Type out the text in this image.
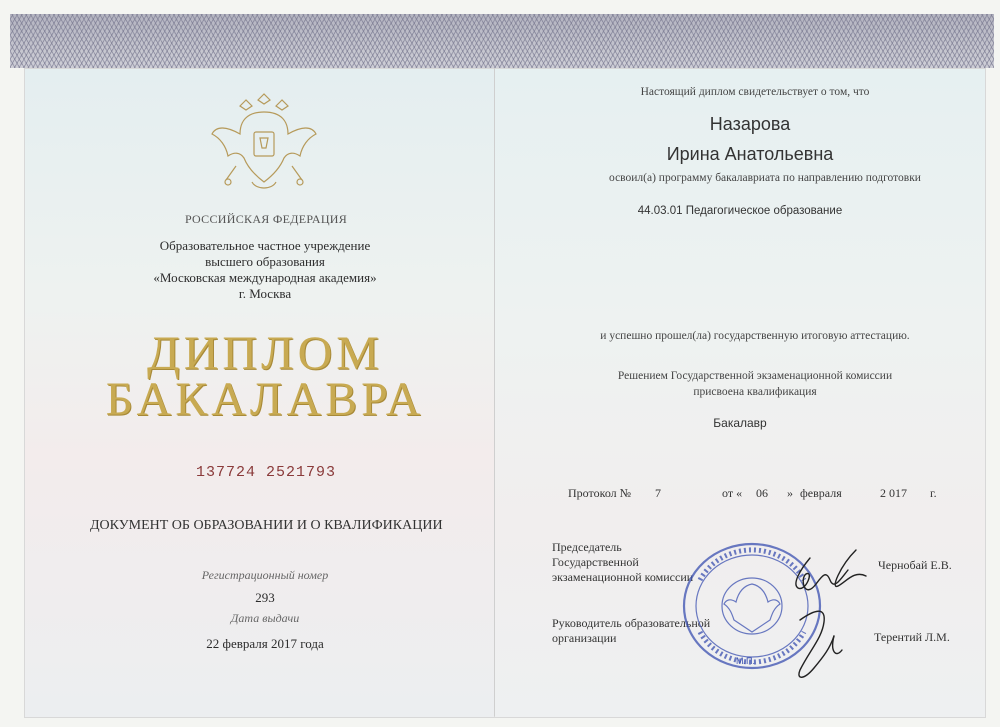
РОССИЙСКАЯ ФЕДЕРАЦИЯ
Образовательное частное учреждение
высшего образования
«Московская международная академия»
г. Москва
ДИПЛОМ
БАКАЛАВРА
137724 2521793
ДОКУМЕНТ ОБ ОБРАЗОВАНИИ И О КВАЛИФИКАЦИИ
Регистрационный номер
293
Дата выдачи
22 февраля 2017 года
Настоящий диплом свидетельствует о том, что
Назарова
Ирина Анатольевна
освоил(а) программу бакалавриата по направлению подготовки
44.03.01 Педагогическое образование
и успешно прошел(ла) государственную итоговую аттестацию.
Решением Государственной экзаменационной комиссии
присвоена квалификация
Бакалавр
Протокол № 7	от « 06 » февраля	2 017 г.
Председатель
Государственной
экзаменационной комиссии
Чернобай Е.В.
Руководитель образовательной
организации	Терентий Л.М.
М.П.
